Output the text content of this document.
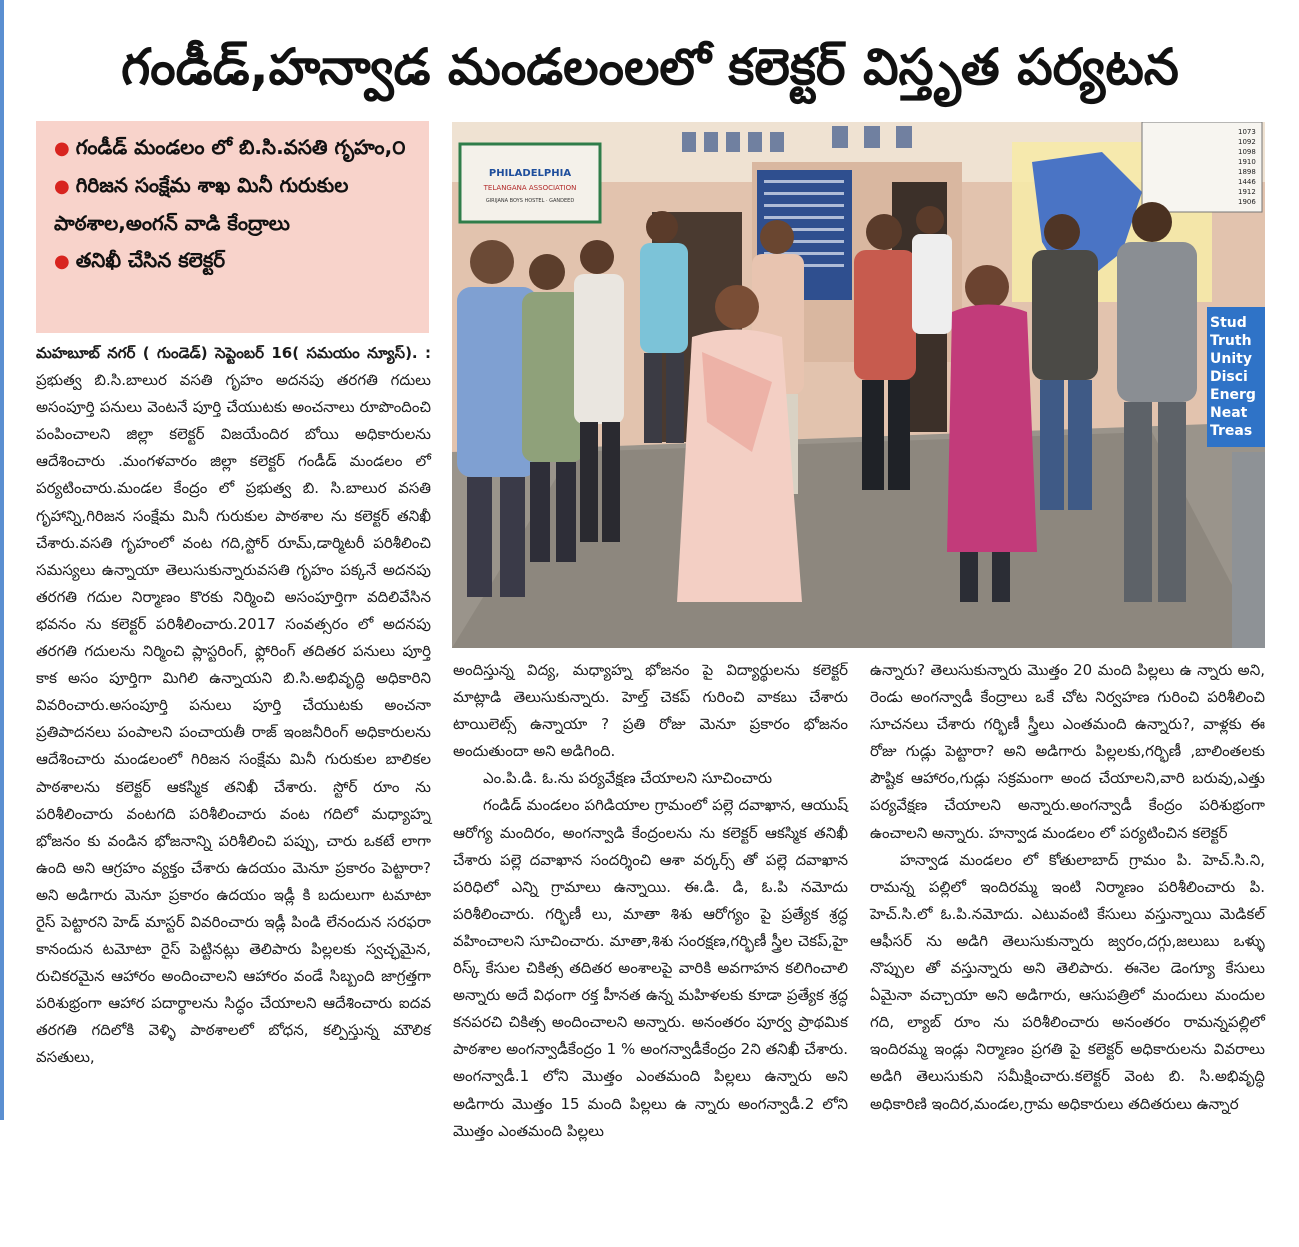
గండీడ్,హన్వాడ మండలంలలో కలెక్టర్ విస్తృత పర్యటన
● గండీడ్ మండలం లో బి.సి.వసతి గృహం,౦
● గిరిజన సంక్షేమ శాఖ మినీ గురుకుల పాఠశాల,అంగన్ వాడి కేంద్రాలు
● తనిఖీ చేసిన కలెక్టర్
PHILADELPHIA
TELANGANA ASSOCIATION
GIRIJANA BOYS HOSTEL · GANDEED
1073
1092
1098
1910
1898
1446
1912
1906
Stud
Truth
Unity
Disci
Energ
Neat
Treas

మహబూబ్ నగర్ ( గుండెడ్) సెప్టెంబర్ 16( సమయం న్యూస్). : ప్రభుత్వ బి.సి.బాలుర వసతి గృహం అదనపు తరగతి గదులు అసంపూర్తి పనులు వెంటనే పూర్తి చేయుటకు అంచనాలు రూపొందించి పంపించాలని జిల్లా కలెక్టర్ విజయేందిర బోయి అధికారులను ఆదేశించారు .మంగళవారం జిల్లా కలెక్టర్ గండీడ్ మండలం లో పర్యటించారు.మండల కేంద్రం లో ప్రభుత్వ బి. సి.బాలుర వసతి గృహాన్ని,గిరిజన సంక్షేమ మినీ గురుకుల పాఠశాల ను కలెక్టర్ తనిఖీ చేశారు.వసతి గృహంలో వంట గది,స్టోర్ రూమ్,డార్మిటరీ పరిశీలించి సమస్యలు ఉన్నాయా తెలుసుకున్నారువసతి గృహం పక్కనే అదనపు తరగతి గదుల నిర్మాణం కొరకు నిర్మించి అసంపూర్తిగా వదిలివేసిన భవనం ను కలెక్టర్ పరిశీలించారు.2017 సంవత్సరం లో అదనపు తరగతి గదులను నిర్మించి ప్లాస్టరింగ్, ఫ్లోరింగ్ తదితర పనులు పూర్తి కాక అసం పూర్తిగా మిగిలి ఉన్నాయని బి.సి.అభివృద్ధి అధికారిని వివరించారు.అసంపూర్తి పనులు పూర్తి చేయుటకు అంచనా ప్రతిపాదనలు పంపాలని పంచాయతీ రాజ్ ఇంజనీరింగ్ అధికారులను ఆదేశించారు మండలంలో గిరిజన సంక్షేమ మినీ గురుకుల బాలికల పాఠశాలను కలెక్టర్ ఆకస్మిక తనిఖీ చేశారు. స్టోర్ రూం ను పరిశీలించారు వంటగది పరిశీలించారు వంట గదిలో మధ్యాహ్న భోజనం కు వండిన భోజనాన్ని పరిశీలించి పప్పు, చారు ఒకటే లాగా ఉంది అని ఆగ్రహం వ్యక్తం చేశారు ఉదయం మెనూ ప్రకారం పెట్టారా? అని అడిగారు మెనూ ప్రకారం ఉదయం ఇడ్లీ కి బదులుగా టమాటా రైస్ పెట్టారని హెడ్ మాస్టర్ వివరించారు ఇడ్లీ పిండి లేనందున సరఫరా కానందున టమోటా రైస్ పెట్టినట్లు తెలిపారు పిల్లలకు స్వచ్ఛమైన, రుచికరమైన ఆహారం అందించాలని ఆహారం వండే సిబ్బంది జాగ్రత్తగా పరిశుభ్రంగా ఆహార పదార్థాలను సిద్ధం చేయాలని ఆదేశించారు ఐదవ తరగతి గదిలోకి వెళ్ళి పాఠశాలలో బోధన, కల్పిస్తున్న మౌలిక వసతులు,

అందిస్తున్న విద్య, మధ్యాహ్న భోజనం పై విద్యార్థులను కలెక్టర్ మాట్లాడి తెలుసుకున్నారు. హెల్త్ చెకప్ గురించి వాకబు చేశారు టాయిలెట్స్ ఉన్నాయా ? ప్రతి రోజు మెనూ ప్రకారం భోజనం అందుతుందా అని అడిగింది.

ఎం.పి.డి. ఓ.ను పర్యవేక్షణ చేయాలని సూచించారు

గండిడ్ మండలం పగిడియాల గ్రామంలో పల్లె దవాఖాన, ఆయుష్ ఆరోగ్య మందిరం, అంగన్వాడి కేంద్రంలను ను కలెక్టర్ ఆకస్మిక తనిఖీ చేశారు పల్లె దవాఖాన సందర్శించి ఆశా వర్కర్స్ తో పల్లె దవాఖాన పరిధిలో ఎన్ని గ్రామాలు ఉన్నాయి. ఈ.డి. డి, ఓ.పి నమోదు పరిశీలించారు. గర్భిణీ లు, మాతా శిశు ఆరోగ్యం పై ప్రత్యేక శ్రద్ధ వహించాలని సూచించారు. మాతా,శిశు సంరక్షణ,గర్భిణీ స్త్రీల చెకప్,హై రిస్క్ కేసుల చికిత్స తదితర అంశాలపై వారికి అవగాహన కలిగించాలి అన్నారు అదే విధంగా రక్త హీనత ఉన్న మహిళలకు కూడా ప్రత్యేక శ్రద్ధ కనపరచి చికిత్స అందించాలని అన్నారు. అనంతరం పూర్వ ప్రాథమిక పాఠశాల అంగన్వాడీకేంద్రం 1 % అంగన్వాడీకేంద్రం 2ని తనిఖీ చేశారు. అంగన్వాడీ.1 లోని మొత్తం ఎంతమంది పిల్లలు ఉన్నారు అని అడిగారు మొత్తం 15 మంది పిల్లలు ఉ న్నారు అంగన్వాడీ.2 లోని మొత్తం ఎంతమంది పిల్లలు

ఉన్నారు? తెలుసుకున్నారు మొత్తం 20 మంది పిల్లలు ఉ న్నారు అని, రెండు అంగన్వాడీ కేంద్రాలు ఒకే చోట నిర్వహణ గురించి పరిశీలించి సూచనలు చేశారు గర్భిణీ స్త్రీలు ఎంతమంది ఉన్నారు?, వాళ్లకు ఈ రోజు గుడ్లు పెట్టారా? అని అడిగారు పిల్లలకు,గర్భిణీ ,బాలింతలకు పౌష్టిక ఆహారం,గుడ్లు సక్రమంగా అంద చేయాలని,వారి బరువు,ఎత్తు పర్యవేక్షణ చేయాలని అన్నారు.అంగన్వాడీ కేంద్రం పరిశుభ్రంగా ఉంచాలని అన్నారు. హన్వాడ మండలం లో పర్యటించిన కలెక్టర్

హన్వాడ మండలం లో కోతులాబాద్ గ్రామం పి. హెచ్.సి.ని, రామన్న పల్లిలో ఇందిరమ్మ ఇంటి నిర్మాణం పరిశీలించారు పి. హెచ్.సి.లో ఓ.పి.నమోదు. ఎటువంటి కేసులు వస్తున్నాయి మెడికల్ ఆఫీసర్ ను అడిగి తెలుసుకున్నారు జ్వరం,దగ్గు,జలుబు ఒళ్ళు నొప్పుల తో వస్తున్నారు అని తెలిపారు. ఈనెల డెంగ్యూ కేసులు ఏమైనా వచ్చాయా అని అడిగారు, ఆసుపత్రిలో మందులు మందుల గది, ల్యాబ్ రూం ను పరిశీలించారు అనంతరం రామన్నపల్లిలో ఇందిరమ్మ ఇండ్లు నిర్మాణం ప్రగతి పై కలెక్టర్ అధికారులను వివరాలు అడిగి తెలుసుకుని సమీక్షించారు.కలెక్టర్ వెంట బి. సి.అభివృద్ధి అధికారిణి ఇందిర,మండల,గ్రామ అధికారులు తదితరులు ఉన్నార
